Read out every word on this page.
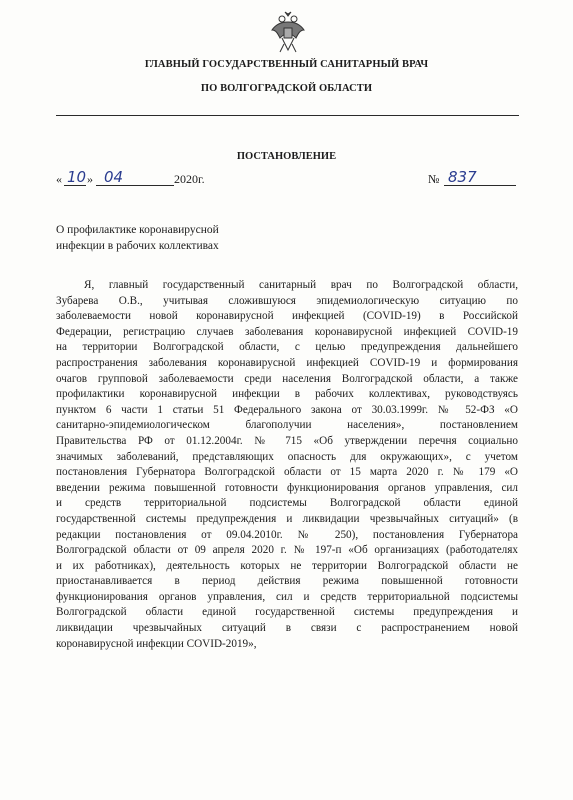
ГЛАВНЫЙ ГОСУДАРСТВЕННЫЙ САНИТАРНЫЙ ВРАЧ
ПО ВОЛГОГРАДСКОЙ ОБЛАСТИ
ПОСТАНОВЛЕНИЕ
« 10 » 04	2020г.	№ 837
О профилактике коронавирусной
инфекции в рабочих коллективах
Я, главный государственный санитарный врач по Волгоградской области,
Зубарева О.В., учитывая сложившуюся эпидемиологическую ситуацию по
заболеваемости новой коронавирусной инфекцией (COVID-19) в Российской
Федерации, регистрацию случаев заболевания коронавирусной инфекцией COVID-19
на территории Волгоградской области, с целью предупреждения дальнейшего
распространения заболевания коронавирусной инфекцией COVID-19 и формирования
очагов групповой заболеваемости среди населения Волгоградской области, а также
профилактики коронавирусной инфекции в рабочих коллективах, руководствуясь
пунктом 6 части 1 статьи 51 Федерального закона от 30.03.1999г. № 52-ФЗ «О
санитарно-эпидемиологическом благополучии населения», постановлением
Правительства РФ от 01.12.2004г. № 715 «Об утверждении перечня социально
значимых заболеваний, представляющих опасность для окружающих», с учетом
постановления Губернатора Волгоградской области от 15 марта 2020 г. № 179 «О
введении режима повышенной готовности функционирования органов управления, сил
и средств территориальной подсистемы Волгоградской области единой
государственной системы предупреждения и ликвидации чрезвычайных ситуаций» (в
редакции постановления от 09.04.2010г. № 250), постановления Губернатора
Волгоградской области от 09 апреля 2020 г. № 197-п «Об организациях (работодателях
и их работниках), деятельность которых не территории Волгоградской области не
приостанавливается в период действия режима повышенной готовности
функционирования органов управления, сил и средств территориальной подсистемы
Волгоградской области единой государственной системы предупреждения и
ликвидации чрезвычайных ситуаций в связи с распространением новой
коронавирусной инфекции COVID-2019»,
